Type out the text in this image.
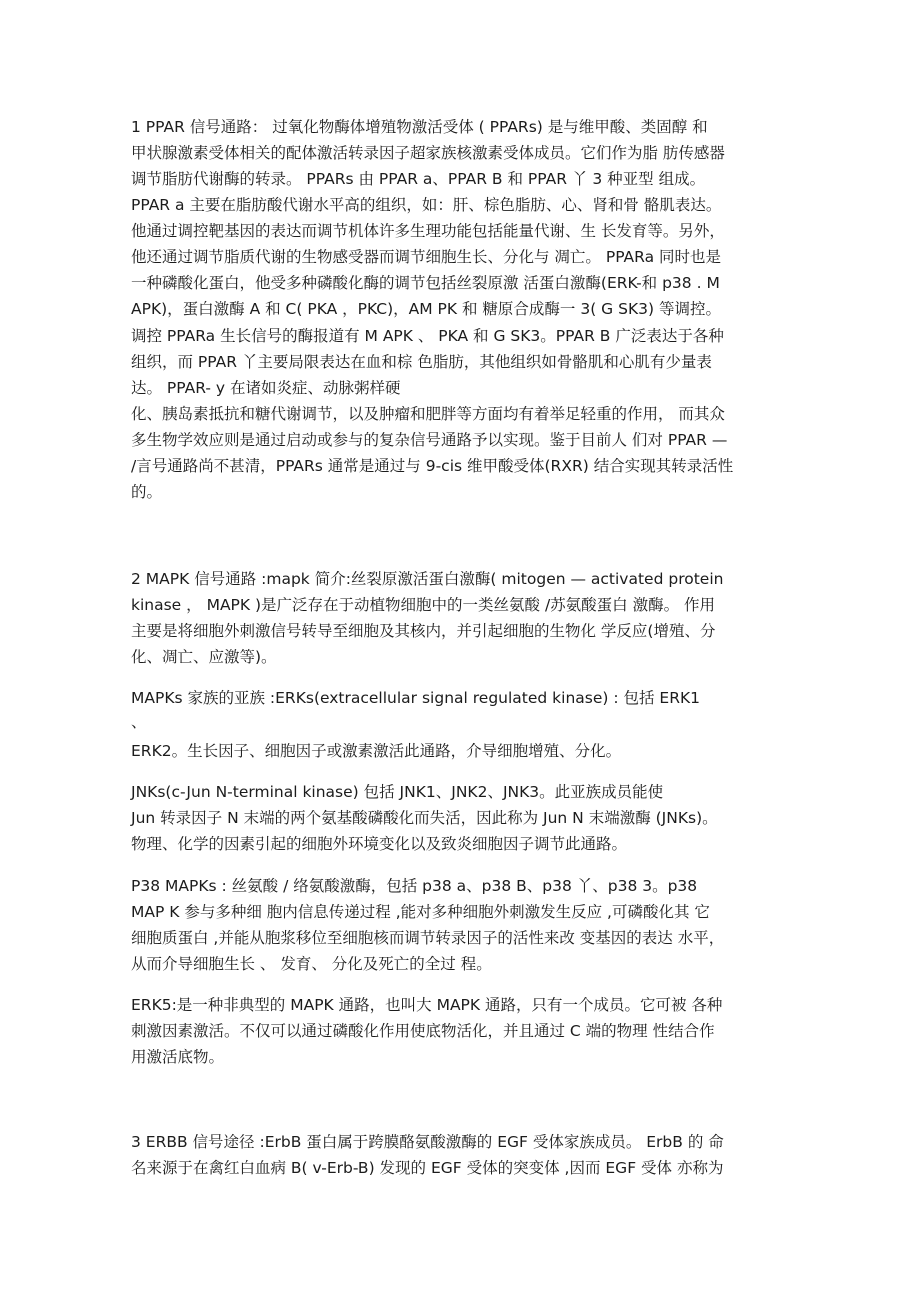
1 PPAR 信号通路： 过氧化物酶体增殖物激活受体 ( PPARs) 是与维甲酸、类固醇 和
甲状腺激素受体相关的配体激活转录因子超家族核激素受体成员。它们作为脂 肪传感器
调节脂肪代谢酶的转录。 PPARs 由 PPAR a、PPAR B 和 PPAR 丫 3 种亚型 组成。
PPAR a 主要在脂肪酸代谢水平高的组织，如：肝、棕色脂肪、心、肾和骨 骼肌表达。
他通过调控靶基因的表达而调节机体许多生理功能包括能量代谢、生 长发育等。另外，
他还通过调节脂质代谢的生物感受器而调节细胞生长、分化与 凋亡。 PPARa 同时也是
一种磷酸化蛋白，他受多种磷酸化酶的调节包括丝裂原激 活蛋白激酶(ERK-和 p38 . M
APK)，蛋白激酶 A 和 C( PKA ，PKC)，AM PK 和 糖原合成酶一 3( G SK3) 等调控。
调控 PPARa 生长信号的酶报道有 M APK 、 PKA 和 G SK3。PPAR B 广泛表达于各种
组织，而 PPAR 丫主要局限表达在血和棕 色脂肪，其他组织如骨骼肌和心肌有少量表
达。 PPAR- y 在诸如炎症、动脉粥样硬
化、胰岛素抵抗和糖代谢调节，以及肿瘤和肥胖等方面均有着举足轻重的作用， 而其众
多生物学效应则是通过启动或参与的复杂信号通路予以实现。鉴于目前人 们对 PPAR —
/言号通路尚不甚清，PPARs 通常是通过与 9-cis 维甲酸受体(RXR) 结合实现其转录活性
的。
2 MAPK 信号通路 :mapk 简介:丝裂原激活蛋白激酶( mitogen — activated protein
kinase ， MAPK )是广泛存在于动植物细胞中的一类丝氨酸 /苏氨酸蛋白 激酶。 作用
主要是将细胞外刺激信号转导至细胞及其核内，并引起细胞的生物化 学反应(增殖、分
化、凋亡、应激等)。
MAPKs 家族的亚族 :ERKs(extracellular signal regulated kinase) : 包括 ERK1
、
ERK2。生长因子、细胞因子或激素激活此通路，介导细胞增殖、分化。
JNKs(c-Jun N-terminal kinase) 包括 JNK1、JNK2、JNK3。此亚族成员能使
Jun 转录因子 N 末端的两个氨基酸磷酸化而失活，因此称为 Jun N 末端激酶 (JNKs)。
物理、化学的因素引起的细胞外环境变化以及致炎细胞因子调节此通路。
P38 MAPKs : 丝氨酸 / 络氨酸激酶，包括 p38 a、p38 B、p38 丫、p38 3。p38
MAP K 参与多种细 胞内信息传递过程 ,能对多种细胞外刺激发生反应 ,可磷酸化其 它
细胞质蛋白 ,并能从胞浆移位至细胞核而调节转录因子的活性来改 变基因的表达 水平，
从而介导细胞生长 、 发育、 分化及死亡的全过 程。
ERK5:是一种非典型的 MAPK 通路，也叫大 MAPK 通路，只有一个成员。它可被 各种
刺激因素激活。不仅可以通过磷酸化作用使底物活化，并且通过 C 端的物理 性结合作
用激活底物。
3 ERBB 信号途径 :ErbB 蛋白属于跨膜酪氨酸激酶的 EGF 受体家族成员。 ErbB 的 命
名来源于在禽红白血病 B( v-Erb-B) 发现的 EGF 受体的突变体 ,因而 EGF 受体 亦称为
